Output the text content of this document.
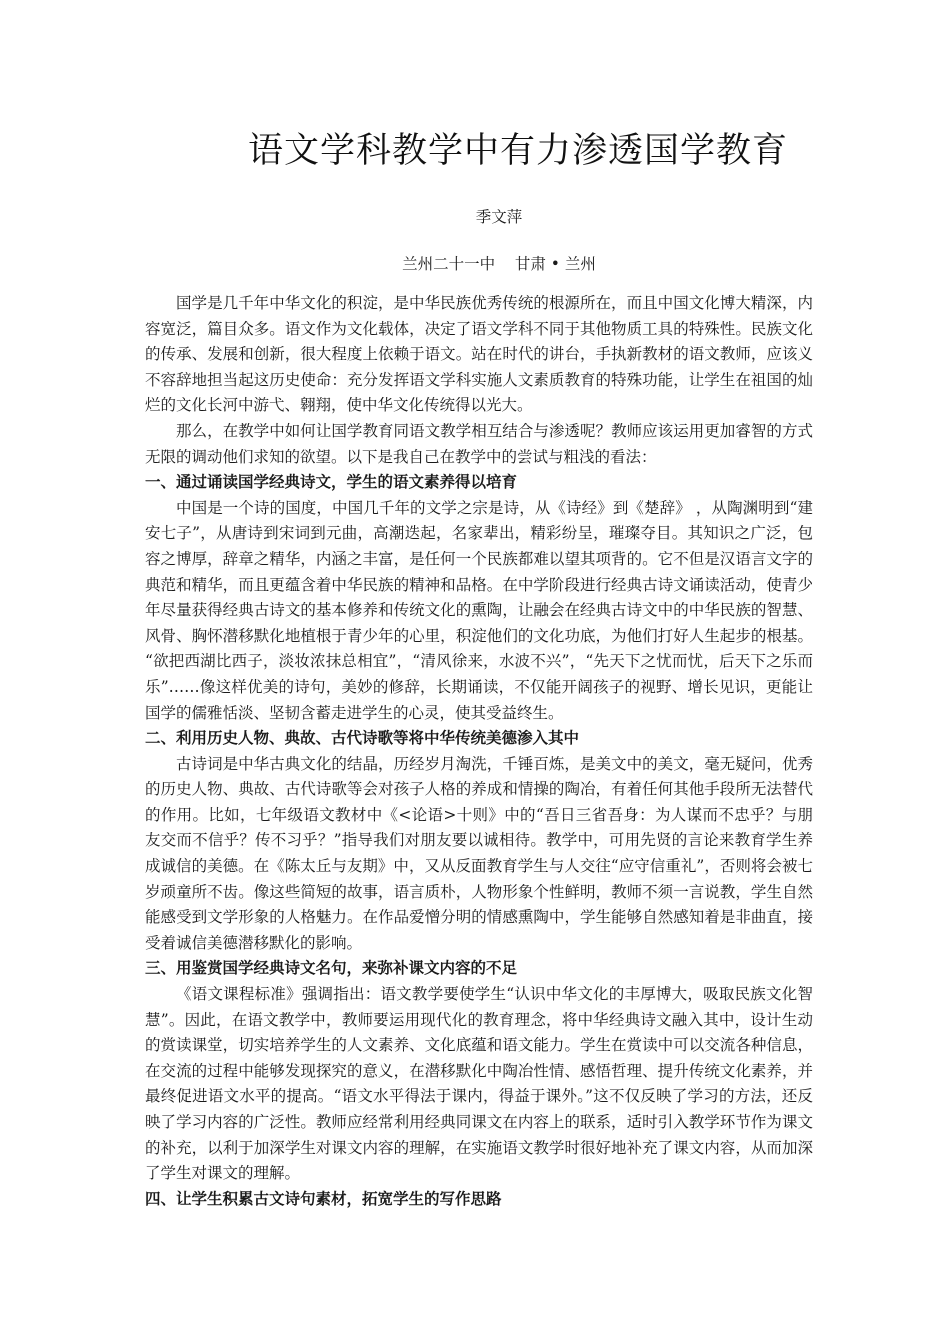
语文学科教学中有力渗透国学教育
季文萍
兰州二十一中    甘肃 • 兰州

国学是几千年中华文化的积淀，是中华民族优秀传统的根源所在，而且中国文化博大精深，内容宽泛，篇目众多。语文作为文化载体，决定了语文学科不同于其他物质工具的特殊性。民族文化的传承、发展和创新，很大程度上依赖于语文。站在时代的讲台，手执新教材的语文教师，应该义不容辞地担当起这历史使命：充分发挥语文学科实施人文素质教育的特殊功能，让学生在祖国的灿烂的文化长河中游弋、翱翔，使中华文化传统得以光大。

那么，在教学中如何让国学教育同语文教学相互结合与渗透呢？教师应该运用更加睿智的方式无限的调动他们求知的欲望。以下是我自己在教学中的尝试与粗浅的看法：

一、通过诵读国学经典诗文，学生的语文素养得以培育

中国是一个诗的国度，中国几千年的文学之宗是诗，从《诗经》到《楚辞》 ，从陶渊明到“建安七子”，从唐诗到宋词到元曲，高潮迭起，名家辈出，精彩纷呈，璀璨夺目。其知识之广泛，包容之博厚，辞章之精华，内涵之丰富，是任何一个民族都难以望其项背的。它不但是汉语言文字的典范和精华，而且更蕴含着中华民族的精神和品格。在中学阶段进行经典古诗文诵读活动，使青少年尽量获得经典古诗文的基本修养和传统文化的熏陶，让融会在经典古诗文中的中华民族的智慧、风骨、胸怀潜移默化地植根于青少年的心里，积淀他们的文化功底，为他们打好人生起步的根基。 “欲把西湖比西子，淡妆浓抹总相宜”，“清风徐来，水波不兴”，“先天下之忧而忧，后天下之乐而乐”……像这样优美的诗句，美妙的修辞，长期诵读，不仅能开阔孩子的视野、增长见识，更能让国学的儒雅恬淡、坚韧含蓄走进学生的心灵，使其受益终生。

二、利用历史人物、典故、古代诗歌等将中华传统美德渗入其中

古诗词是中华古典文化的结晶，历经岁月淘洗，千锤百炼，是美文中的美文，毫无疑问，优秀的历史人物、典故、古代诗歌等会对孩子人格的养成和情操的陶冶，有着任何其他手段所无法替代的作用。比如，七年级语文教材中《<论语>十则》中的“吾日三省吾身：为人谋而不忠乎？与朋友交而不信乎？传不习乎？”指导我们对朋友要以诚相待。教学中，可用先贤的言论来教育学生养成诚信的美德。在《陈太丘与友期》中，又从反面教育学生与人交往“应守信重礼”，否则将会被七岁顽童所不齿。像这些简短的故事，语言质朴，人物形象个性鲜明，教师不须一言说教，学生自然能感受到文学形象的人格魅力。在作品爱憎分明的情感熏陶中，学生能够自然感知着是非曲直，接受着诚信美德潜移默化的影响。

三、用鉴赏国学经典诗文名句，来弥补课文内容的不足

《语文课程标准》强调指出：语文教学要使学生“认识中华文化的丰厚博大，吸取民族文化智慧”。因此，在语文教学中，教师要运用现代化的教育理念，将中华经典诗文融入其中，设计生动的赏读课堂，切实培养学生的人文素养、文化底蕴和语文能力。学生在赏读中可以交流各种信息，在交流的过程中能够发现探究的意义，在潜移默化中陶冶性情、感悟哲理、提升传统文化素养，并最终促进语文水平的提高。“语文水平得法于课内，得益于课外。”这不仅反映了学习的方法，还反映了学习内容的广泛性。教师应经常利用经典同课文在内容上的联系，适时引入教学环节作为课文的补充，以利于加深学生对课文内容的理解，在实施语文教学时很好地补充了课文内容，从而加深了学生对课文的理解。

四、让学生积累古文诗句素材，拓宽学生的写作思路
